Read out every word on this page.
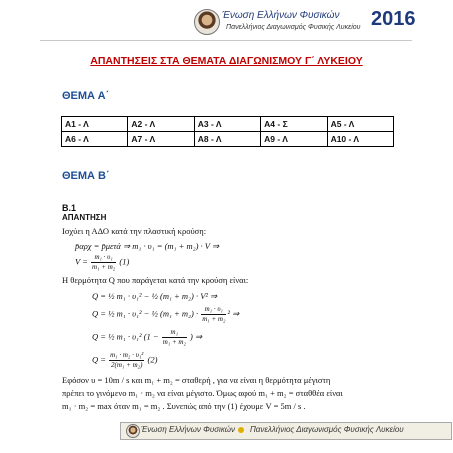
Ένωση Ελλήνων Φυσικών
Πανελλήνιος Διαγωνισμός Φυσικής Λυκείου 2016
ΑΠΑΝΤΗΣΕΙΣ ΣΤΑ ΘΕΜΑΤΑ ΔΙΑΓΩΝΙΣΜΟΥ Γ΄ ΛΥΚΕΙΟΥ
ΘΕΜΑ Α΄
Α1 - Λ	Α2 - Λ	Α3 - Λ	Α4 - Σ	Α5 - Λ
Α6 - Λ	Α7 - Λ	Α8 - Λ	Α9 - Λ	Α10 - Λ
ΘΕΜΑ Β΄
Β.1
ΑΠΑΝΤΗΣΗ
Ισχύει η ΑΔΟ κατά την πλαστική κρούση:
p̄αρχ = p̄μετά ⇒ m₁ · υ₁ = (m₁ + m₂) · V ⇒
$V = \frac{\text{m₁ · υ₁}}{\text{m₁ + m₂}} (1)$
Η θερμότητα Q που παράγεται κατά την κρούση είναι:
Q = ½ m₁ · υ₁² − ½ (m₁ + m₂) · V² ⇒
Q = ½ m₁ · υ₁² − ½ $(m_1 + m_2) \cdot \frac{\text{m₁ · υ₁}}{\text{m₁ + m₂}} ^2$ ⇒
Q = ½ m₁ · υ₁² ($1 - \frac{\text{m₁}}{\text{m₁ + m₂}}$ ) ⇒
$Q = \frac{\text{m₁ · m₂ · υ₁²}}{\text{2(m₁ + m₂)}} (2)$
Εφόσον υ = 10m / s και m₁ + m₂ = σταθερή , για να είναι η θερμότητα μέγιστη
πρέπει το γινόμενο m₁ · m₂ να είναι μέγιστο. Όμως αφού m₁ + m₂ = σταθθέα είναι
m₁ · m₂ = max όταν m₁ = m₂ . Συνεπώς από την (1) έχουμε V = 5m / s .
Ένωση Ελλήνων Φυσικών Πανελλήνιος Διαγωνισμός Φυσικής Λυκείου
